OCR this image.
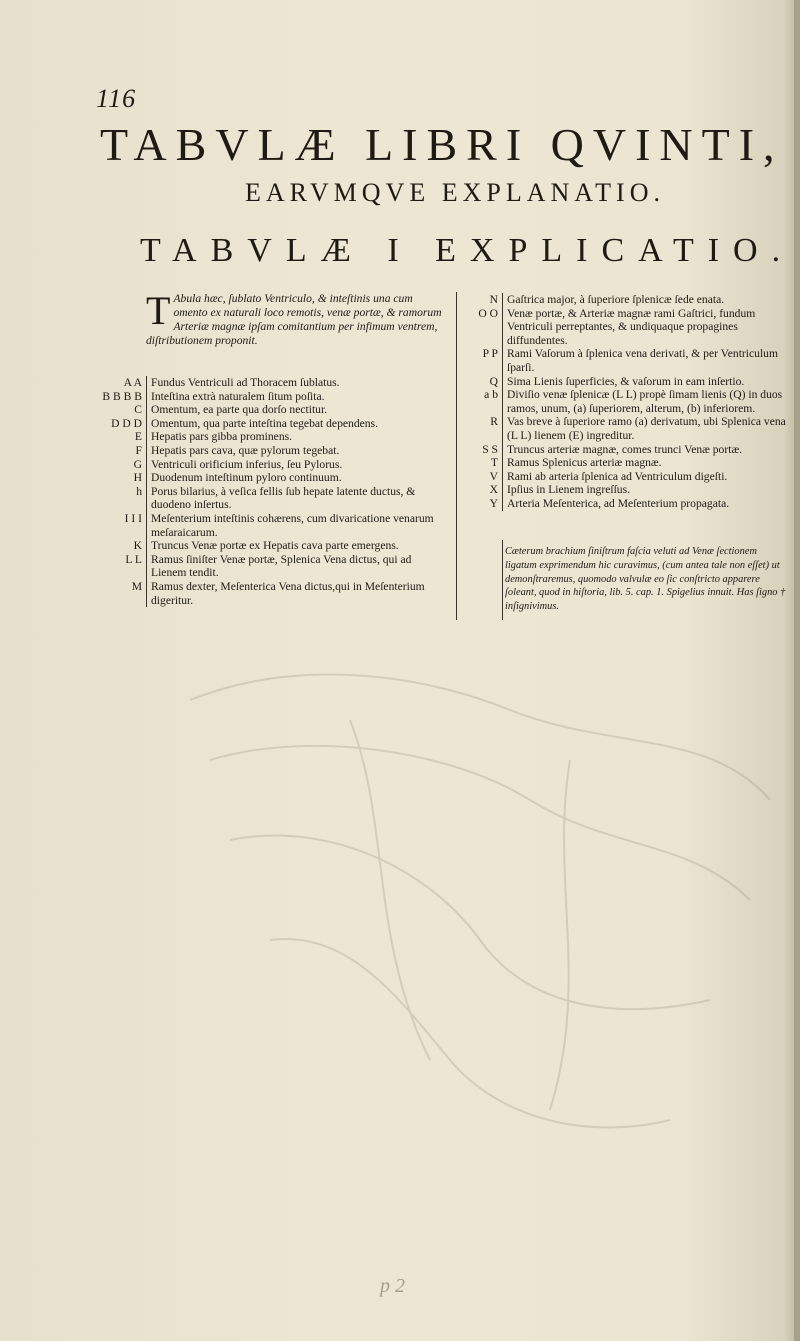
116
TABVLÆ LIBRI QVINTI,
EARVMQVE EXPLANATIO.
TABVLÆ I EXPLICATIO.
T Abula hæc, ſublato Ventriculo, & inteſtinis una cum omento ex naturali loco remotis, venæ portæ, & ramorum Arteriæ magnæ ipſam comitantium per infimum ventrem, diſtributionem proponit.
A A Fundus Ventriculi ad Thoracem ſublatus.
B B B B Inteſtina extrà naturalem ſitum poſita.
C Omentum, ea parte qua dorſo nectitur.
D D D Omentum, qua parte inteſtina tegebat dependens.
E Hepatis pars gibba prominens.
F Hepatis pars cava, quæ pylorum tegebat.
G Ventriculi orificium inferius, ſeu Pylorus.
H Duodenum inteſtinum pyloro continuum.
h Porus bilarius, à veſica fellis ſub hepate latente ductus, & duodeno inſertus.
I I I Meſenterium inteſtinis cohærens, cum divaricatione venarum meſaraicarum.
K Truncus Venæ portæ ex Hepatis cava parte emergens.
L L Ramus ſiniſter Venæ portæ, Splenica Vena dictus, qui ad Lienem tendit.
M Ramus dexter, Meſenterica Vena dictus,qui in Meſenterium digeritur.
N Gaſtrica major, à ſuperiore ſplenicæ ſede enata.
O O Venæ portæ, & Arteriæ magnæ rami Gaſtrici, fundum Ventriculi perreptantes, & undiquaque propagines diffundentes.
P P Rami Vaſorum à ſplenica vena derivati, & per Ventriculum ſparſi.
Q Sima Lienis ſuperficies, & vaſorum in eam inſertio.
a b Diviſio venæ ſplenicæ (L L) propè ſimam lienis (Q) in duos ramos, unum, (a) ſuperiorem, alterum, (b) inferiorem.
R Vas breve à ſuperiore ramo (a) derivatum, ubi Splenica vena (L L) lienem (E) ingreditur.
S S Truncus arteriæ magnæ, comes trunci Venæ portæ.
T Ramus Splenicus arteriæ magnæ.
V Rami ab arteria ſplenica ad Ventriculum digeſti.
X Ipſius in Lienem ingreſſus.
Y Arteria Meſenterica, ad Meſenterium propagata.
Cæterum brachium ſiniſtrum faſcia veluti ad Venæ ſectionem ligatum exprimendum hic curavimus, (cum antea tale non eſſet) ut demonſtraremus, quomodo valvulæ eo ſic conſtricto apparere ſoleant, quod in hiſtoria, lib. 5. cap. 1. Spigelius innuit. Has ſigno † inſignivimus.
p 2
